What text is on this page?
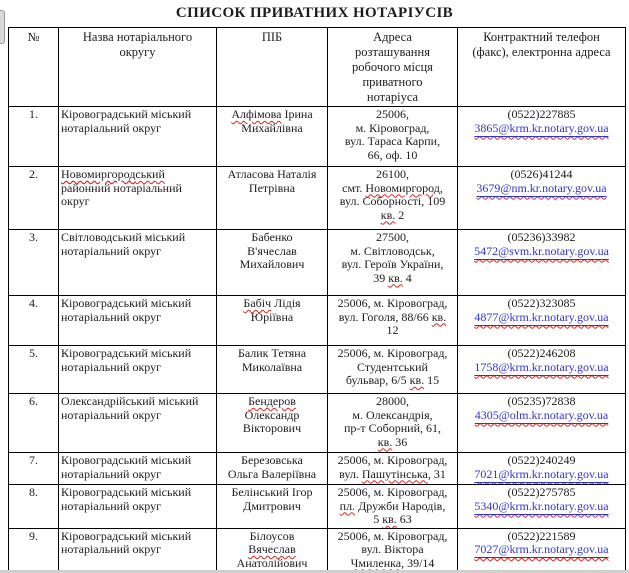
СПИСОК ПРИВАТНИХ НОТАРІУСІВ
№	Назва нотаріального
округу	ПІБ	Адреса
розташування
робочого місця
приватного
нотаріуса	Контрактний телефон
(факс), електронна адреса
1.	Кіровоградський міський
нотаріальний округ	Алфімова Ірина
Михайлівна	25006,
м. Кіровоград,
вул. Тараса Карпи,
66, оф. 10	(0522)227885
3865@krm.kr.notary.gov.ua
2.	Новомиргородський
районний нотаріальний
округ	Атласова Наталія
Петрівна	26100,
смт. Новомиргород,
вул. Соборності, 109
кв. 2	(0526)41244
3679@nm.kr.notary.gov.ua
3.	Світловодський міський
нотаріальний округ	Бабенко
В'ячеслав
Михайлович	27500,
м. Світловодськ,
вул. Героїв України,
39 кв. 4	(05236)33982
5472@svm.kr.notary.gov.ua
4.	Кіровоградський міський
нотаріальний округ	Бабіч Лідія
Юріївна	25006, м. Кіровоград,
вул. Гоголя, 88/66 кв.
12	(0522)323085
4877@krm.kr.notary.gov.ua
5.	Кіровоградський міський
нотаріальний округ	Балик Тетяна
Миколаївна	25006, м. Кіровоград,
Студентський
бульвар, 6/5 кв. 15	(0522)246208
1758@krm.kr.notary.gov.ua
6.	Олександрійський міський
нотаріальний округ	Бендеров
Олександр
Вікторович	28000,
м. Олександрія,
пр-т Соборний, 61,
кв. 36	(05235)72838
4305@olm.kr.notary.gov.ua
7.	Кіровоградський міський
нотаріальний округ	Березовська
Ольга Валеріївна	25006, м. Кіровоград,
вул. Пашутінська, 31	(0522)240249
7021@krm.kr.notary.gov.ua
8.	Кіровоградський міський
нотаріальний округ	Белінський Ігор
Дмитрович	25006, м. Кіровоград,
пл. Дружби Народів,
5 кв. 63	(0522)275785
5340@krm.kr.notary.gov.ua
9.	Кіровоградський міський
нотаріальний округ	Білоусов
Вячеслав
Анатолійович	25006, м. Кіровоград,
вул. Віктора
Чмиленка, 39/14	(0522)221589
7027@krm.kr.notary.gov.ua
